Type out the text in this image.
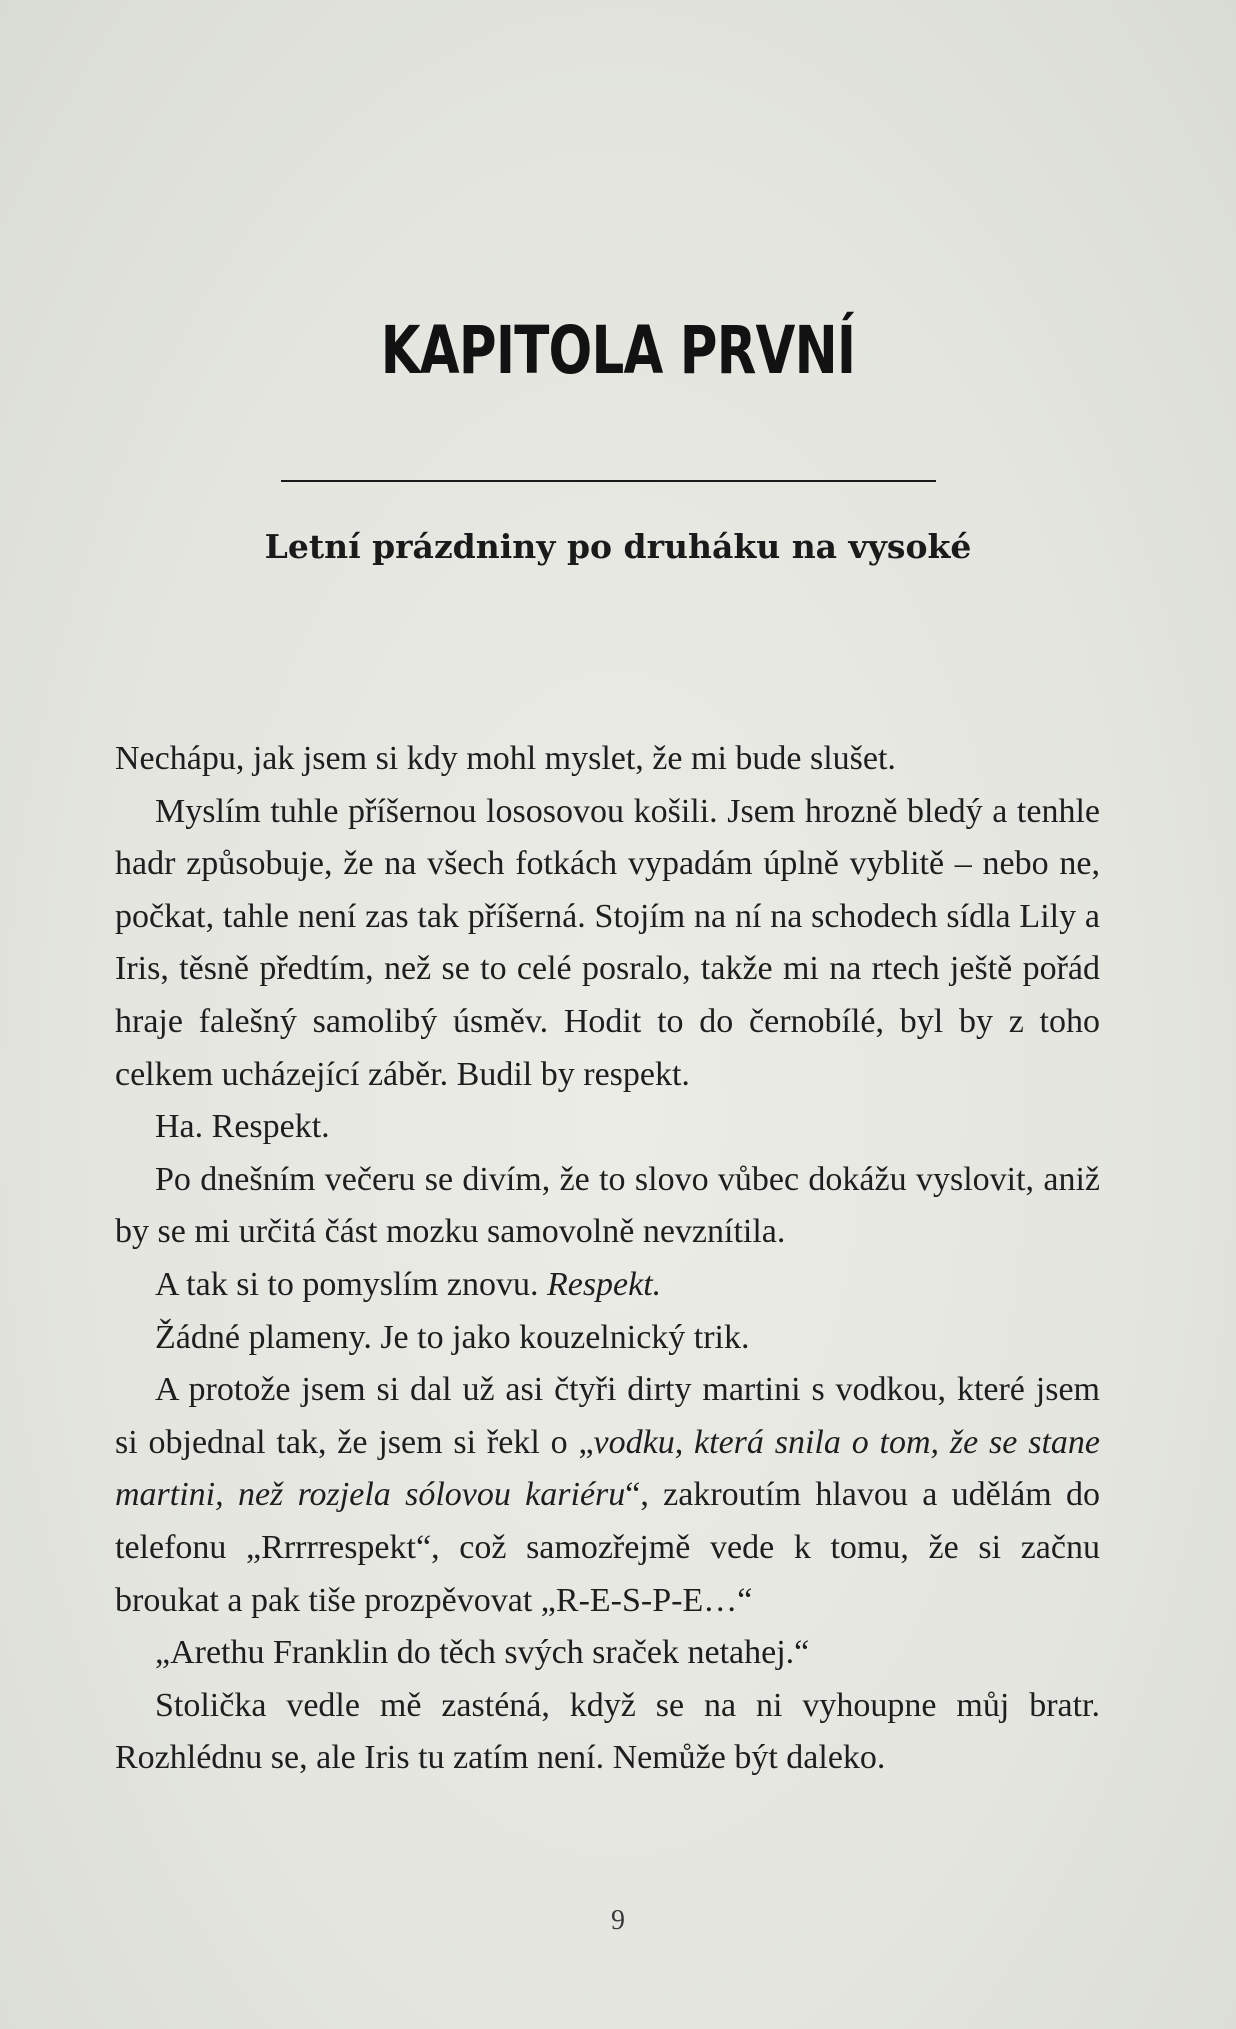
KAPITOLA PRVNÍ
Letní prázdniny po druháku na vysoké

Nechápu, jak jsem si kdy mohl myslet, že mi bude slušet.

Myslím tuhle příšernou lososovou košili. Jsem hrozně bledý a tenhle hadr způsobuje, že na všech fotkách vypadám úplně vyblitě – nebo ne, počkat, tahle není zas tak příšerná. Stojím na ní na schodech sídla Lily a Iris, těsně předtím, než se to celé posralo, takže mi na rtech ještě pořád hraje falešný samolibý úsměv. Hodit to do černobílé, byl by z toho celkem ucházející záběr. Budil by respekt.

Ha. Respekt.

Po dnešním večeru se divím, že to slovo vůbec dokážu vyslovit, aniž by se mi určitá část mozku samovolně nevznítila.

A tak si to pomyslím znovu. Respekt.

Žádné plameny. Je to jako kouzelnický trik.

A protože jsem si dal už asi čtyři dirty martini s vodkou, které jsem si objednal tak, že jsem si řekl o „vodku, která snila o tom, že se stane martini, než rozjela sólovou kariéru“, zakroutím hlavou a udělám do telefonu „Rrrrrespekt“, což samozřejmě vede k tomu, že si začnu broukat a pak tiše prozpěvovat „R-E-S-P-E…“

„Arethu Franklin do těch svých sraček netahej.“

Stolička vedle mě zasténá, když se na ni vyhoupne můj bratr. Rozhlédnu se, ale Iris tu zatím není. Nemůže být daleko.

9
